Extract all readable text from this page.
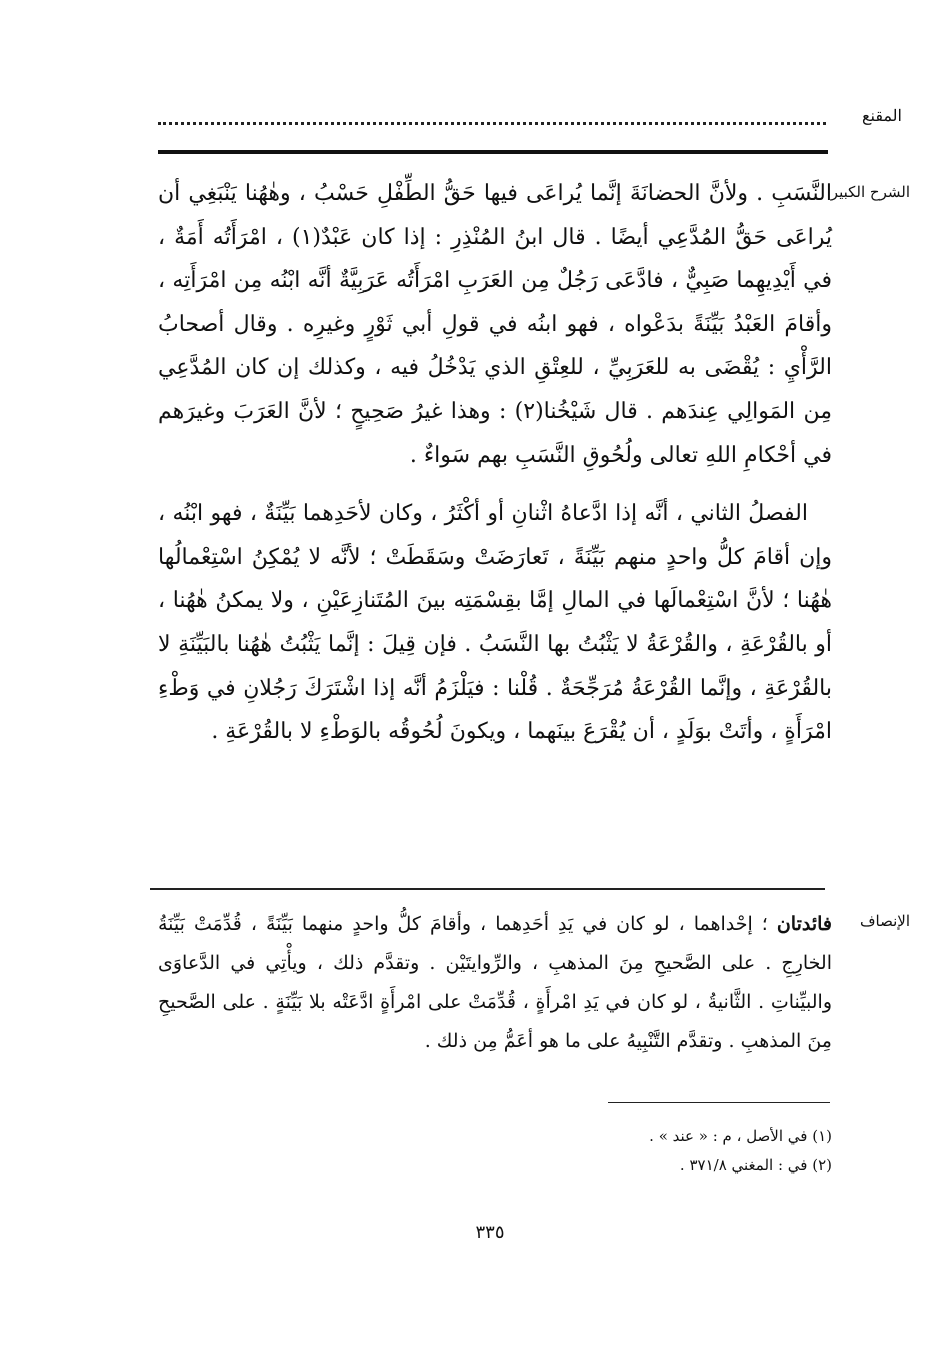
المقنع
الشرح الكبير

النَّسَبِ . ولأنَّ الحضانَةَ إنَّما يُراعَى فيها حَقُّ الطِّفْلِ حَسْبُ ، وهٰهُنا يَنْبَغِي أن يُراعَى حَقُّ المُدَّعِي أيضًا . قال ابنُ المُنْذِرِ : إذا كان عَبْدٌ(١) ، امْرَأَتُه أَمَةٌ ، في أَيْدِيهِما صَبِيٌّ ، فادَّعَى رَجُلٌ مِن العَرَبِ امْرَأَتُه عَرَبِيَّةٌ أنَّه ابْنُه مِن امْرَأَتِه ، وأقامَ العَبْدُ بَيِّنَةً بدَعْواه ، فهو ابنُه في قولِ أبي ثَوْرٍ وغيرِه . وقال أصحابُ الرَّأْيِ : يُقْضَى به للعَرَبِيِّ ، للعِتْقِ الذي يَدْخُلُ فيه ، وكذلك إن كان المُدَّعِي مِن المَوالِي عِندَهم . قال شَيْخُنا(٢) : وهذا غيرُ صَحِيحٍ ؛ لأنَّ العَرَبَ وغيرَهم في أحْكامِ اللهِ تعالى ولُحُوقِ النَّسَبِ بهم سَواءٌ .

الفصلُ الثاني ، أنَّه إذا ادَّعاهُ اثْنانِ أو أكْثَرُ ، وكان لأحَدِهما بَيِّنَةٌ ، فهو ابْنُه ، وإن أقامَ كلُّ واحدٍ منهم بَيِّنَةً ، تَعارَضَتْ وسَقَطَتْ ؛ لأنَّه لا يُمْكِنُ اسْتِعْمالُها هٰهُنا ؛ لأنَّ اسْتِعْمالَها في المالِ إمَّا بقِسْمَتِه بينَ المُتَنازِعَيْنِ ، ولا يمكنُ هٰهُنا ، أو بالقُرْعَةِ ، والقُرْعَةُ لا يَثْبُتُ بها النَّسَبُ . فإن قِيلَ : إنَّما يَثْبُتُ هٰهُنا بالبَيِّنَةِ لا بالقُرْعَةِ ، وإنَّما القُرْعَةُ مُرَجِّحَةٌ . قُلْنا : فيَلْزَمُ أنَّه إذا اشْتَرَكَ رَجُلانِ في وَطْءِ امْرَأَةٍ ، وأتَتْ بوَلَدٍ ، أن يُقْرَعَ بينَهما ، ويكونَ لُحُوقُه بالوَطْءِ لا بالقُرْعَةِ .

الإنصاف
فائدتان ؛ إحْداهما ، لو كان في يَدِ أحَدِهما ، وأقامَ كلُّ واحدٍ منهما بَيِّنَةً ، قُدِّمَتْ بَيِّنَةُ الخارِجِ . على الصَّحيحِ مِنَ المذهبِ ، والرِّوايتَيْن . وتقدَّم ذلك ، ويأْتِي في الدَّعاوَى والبيِّناتِ . الثَّانيةُ ، لو كان في يَدِ امْرأَةٍ ، قُدِّمَتْ على امْرأَةٍ ادَّعَتْه بلا بَيِّنَةٍ . على الصَّحيحِ مِنَ المذهبِ . وتقدَّم التَّنْبِيهُ على ما هو أعَمُّ مِن ذلك .
(١) في الأصل ، م : « عند » .
(٢) في : المغني ٣٧١/٨ .
٣٣٥
